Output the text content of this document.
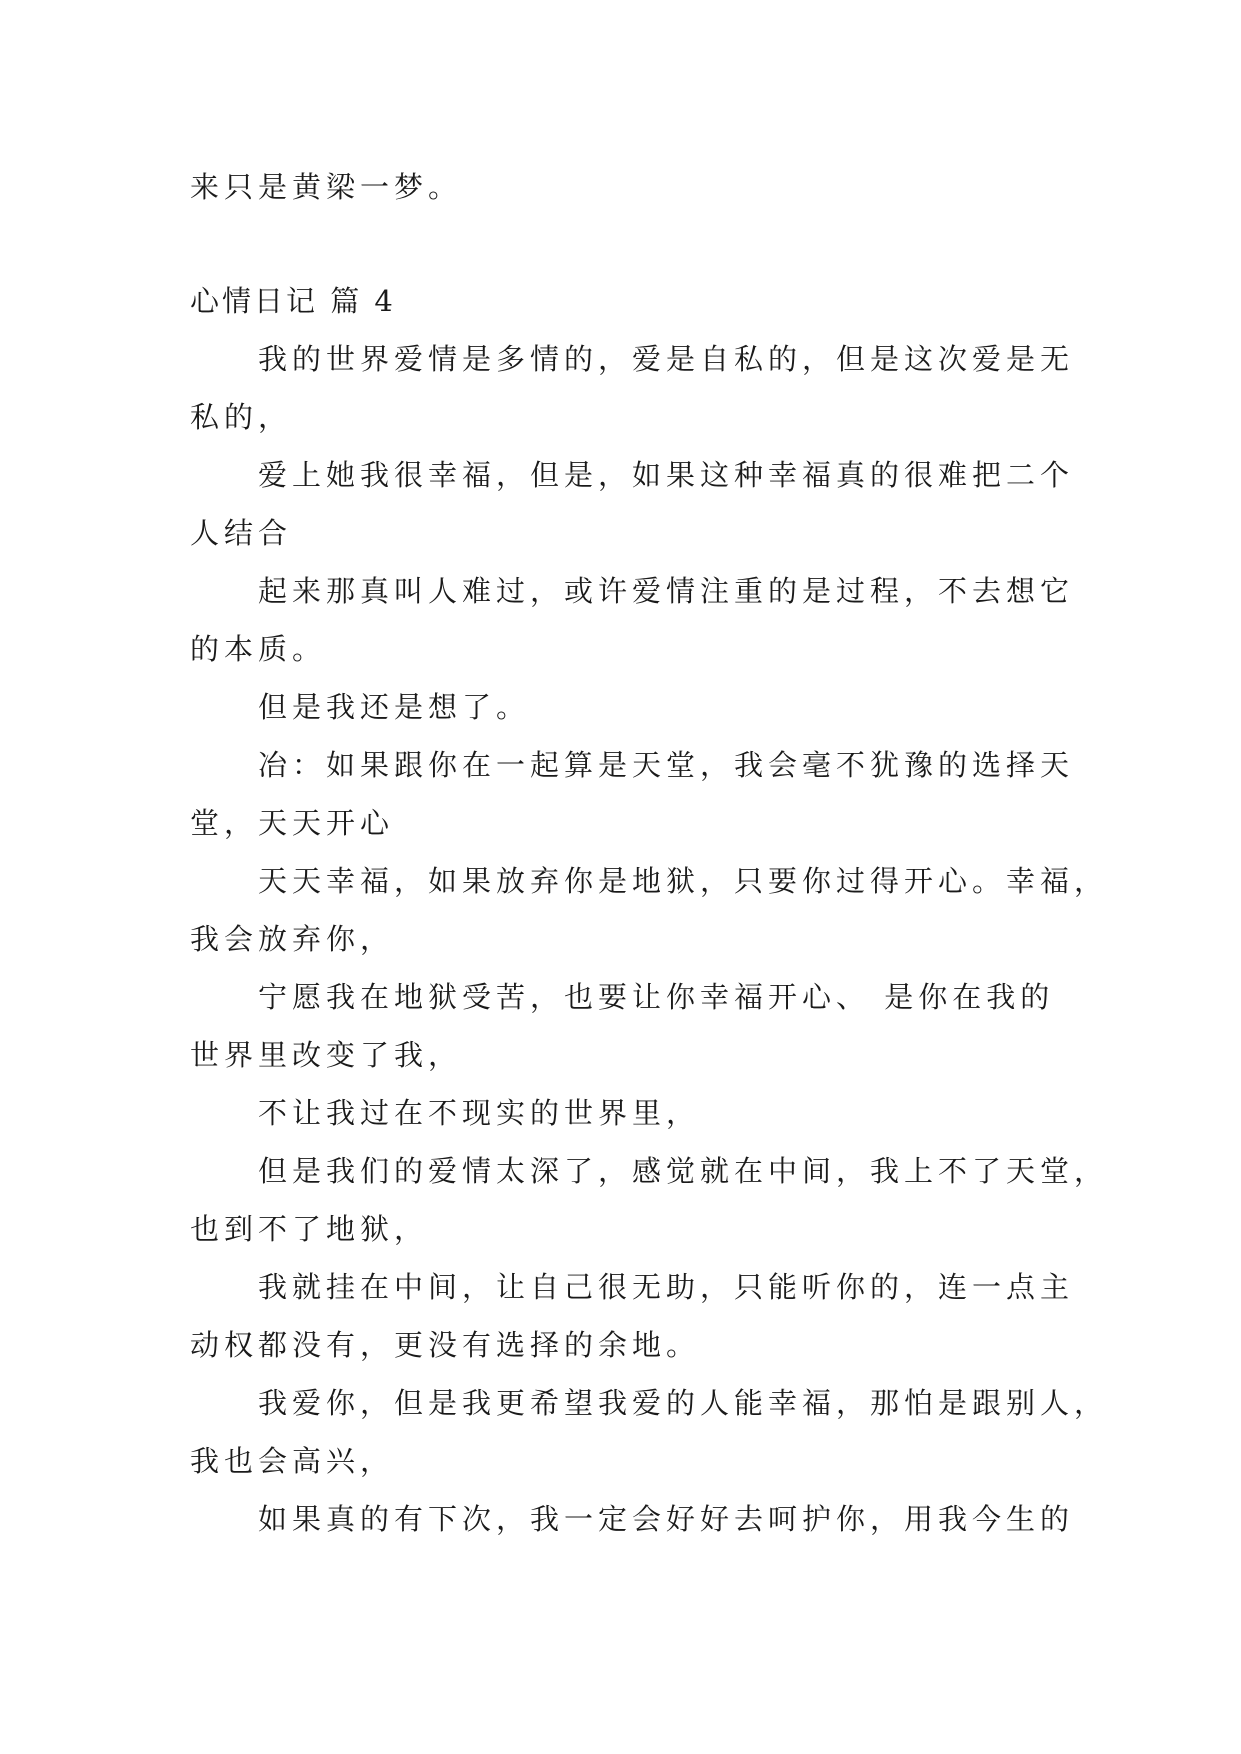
来只是黄梁一梦。
心情日记 篇 4
我的世界爱情是多情的，爱是自私的，但是这次爱是无
私的，
爱上她我很幸福，但是，如果这种幸福真的很难把二个
人结合
起来那真叫人难过，或许爱情注重的是过程，不去想它
的本质。
但是我还是想了。
冶：如果跟你在一起算是天堂，我会毫不犹豫的选择天
堂，天天开心
天天幸福，如果放弃你是地狱，只要你过得开心。幸福，
我会放弃你，
宁愿我在地狱受苦，也要让你幸福开心、 是你在我的
世界里改变了我，
不让我过在不现实的世界里，
但是我们的爱情太深了，感觉就在中间，我上不了天堂，
也到不了地狱，
我就挂在中间，让自己很无助，只能听你的，连一点主
动权都没有，更没有选择的余地。
我爱你，但是我更希望我爱的人能幸福，那怕是跟别人，
我也会高兴，
如果真的有下次，我一定会好好去呵护你，用我今生的
